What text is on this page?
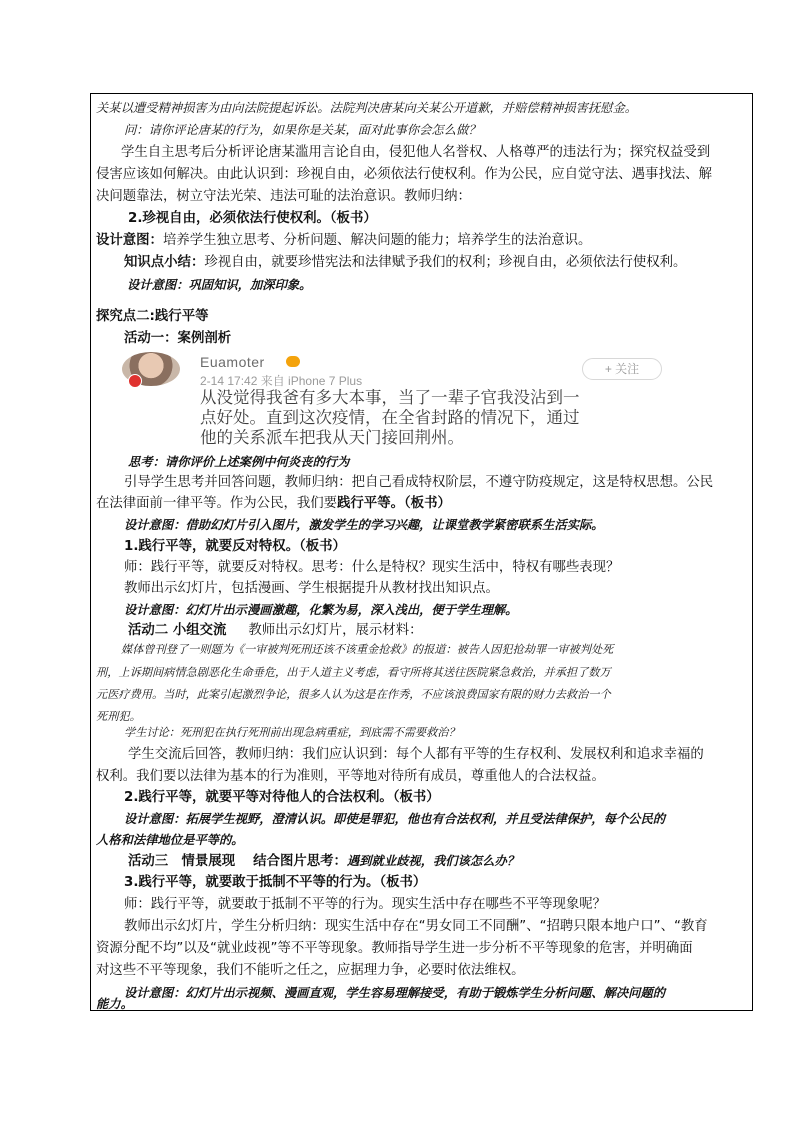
关某以遭受精神损害为由向法院提起诉讼。法院判决唐某向关某公开道歉，并赔偿精神损害抚慰金。
问：请你评论唐某的行为，如果你是关某，面对此事你会怎么做？
学生自主思考后分析评论唐某滥用言论自由，侵犯他人名誉权、人格尊严的违法行为；探究权益受到
侵害应该如何解决。由此认识到：珍视自由，必须依法行使权利。作为公民，应自觉守法、遇事找法、解
决问题靠法，树立守法光荣、违法可耻的法治意识。教师归纳：
2.珍视自由，必须依法行使权利。（板书）
设计意图：培养学生独立思考、分析问题、解决问题的能力；培养学生的法治意识。
知识点小结：珍视自由，就要珍惜宪法和法律赋予我们的权利；珍视自由，必须依法行使权利。
设计意图：巩固知识，加深印象。
探究点二:践行平等
活动一：案例剖析
Euamoter
2-14 17:42 来自 iPhone 7 Plus
+ 关注
从没觉得我爸有多大本事，当了一辈子官我没沾到一
点好处。直到这次疫情，在全省封路的情况下，通过
他的关系派车把我从天门接回荆州。
思考：请你评价上述案例中何炎丧的行为
引导学生思考并回答问题，教师归纳：把自己看成特权阶层，不遵守防疫规定，这是特权思想。公民
在法律面前一律平等。作为公民，我们要践行平等。（板书）
设计意图：借助幻灯片引入图片，激发学生的学习兴趣，让课堂教学紧密联系生活实际。
1.践行平等，就要反对特权。（板书）
师：践行平等，就要反对特权。思考：什么是特权？现实生活中，特权有哪些表现？
教师出示幻灯片，包括漫画、学生根据提升从教材找出知识点。
设计意图：幻灯片出示漫画激趣，化繁为易，深入浅出，便于学生理解。
活动二 小组交流 教师出示幻灯片，展示材料：
媒体曾刊登了一则题为《一审被判死刑还该不该重金抢救》的报道：被告人因犯抢劫罪一审被判处死
刑，上诉期间病情急剧恶化生命垂危，出于人道主义考虑，看守所将其送往医院紧急救治，并承担了数万
元医疗费用。当时，此案引起激烈争论，很多人认为这是在作秀，不应该浪费国家有限的财力去救治一个
死刑犯。
学生讨论：死刑犯在执行死刑前出现急病重症，到底需不需要救治？
学生交流后回答，教师归纳：我们应认识到：每个人都有平等的生存权利、发展权利和追求幸福的
权利。我们要以法律为基本的行为准则，平等地对待所有成员，尊重他人的合法权益。
2.践行平等，就要平等对待他人的合法权利。（板书）
设计意图：拓展学生视野，澄清认识。即使是罪犯，他也有合法权利，并且受法律保护，每个公民的
人格和法律地位是平等的。
活动三　情景展现　 结合图片思考：遇到就业歧视，我们该怎么办？
3.践行平等，就要敢于抵制不平等的行为。（板书）
师：践行平等，就要敢于抵制不平等的行为。现实生活中存在哪些不平等现象呢？
教师出示幻灯片，学生分析归纳：现实生活中存在“男女同工不同酬”、“招聘只限本地户口”、“教育
资源分配不均”以及“就业歧视”等不平等现象。教师指导学生进一步分析不平等现象的危害，并明确面
对这些不平等现象，我们不能听之任之，应据理力争，必要时依法维权。
设计意图：幻灯片出示视频、漫画直观，学生容易理解接受，有助于锻炼学生分析问题、解决问题的
能力。
